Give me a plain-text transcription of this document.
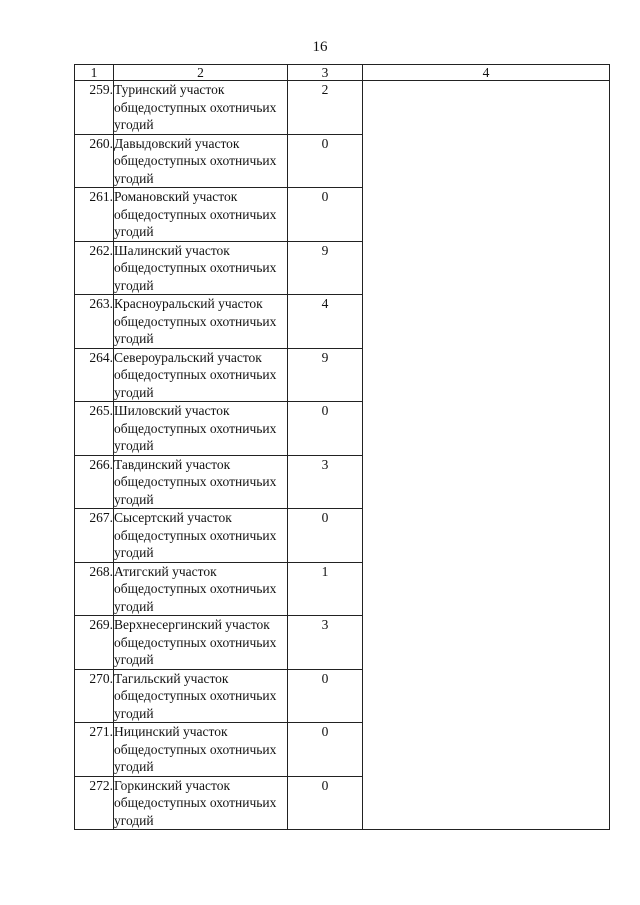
16
1	2	3	4
259.	Туринский участок общедоступных охотничьих угодий	2	
260.	Давыдовский участок общедоступных охотничьих угодий	0	
261.	Романовский участок общедоступных охотничьих угодий	0	
262.	Шалинский участок общедоступных охотничьих угодий	9	
263.	Красноуральский участок общедоступных охотничьих угодий	4	
264.	Североуральский участок общедоступных охотничьих угодий	9	
265.	Шиловский участок общедоступных охотничьих угодий	0	
266.	Тавдинский участок общедоступных охотничьих угодий	3	
267.	Сысертский участок общедоступных охотничьих угодий	0	
268.	Атигский участок общедоступных охотничьих угодий	1	
269.	Верхнесергинский участок общедоступных охотничьих угодий	3	
270.	Тагильский участок общедоступных охотничьих угодий	0	
271.	Ницинский участок общедоступных охотничьих угодий	0	
272.	Горкинский участок общедоступных охотничьих угодий	0	
